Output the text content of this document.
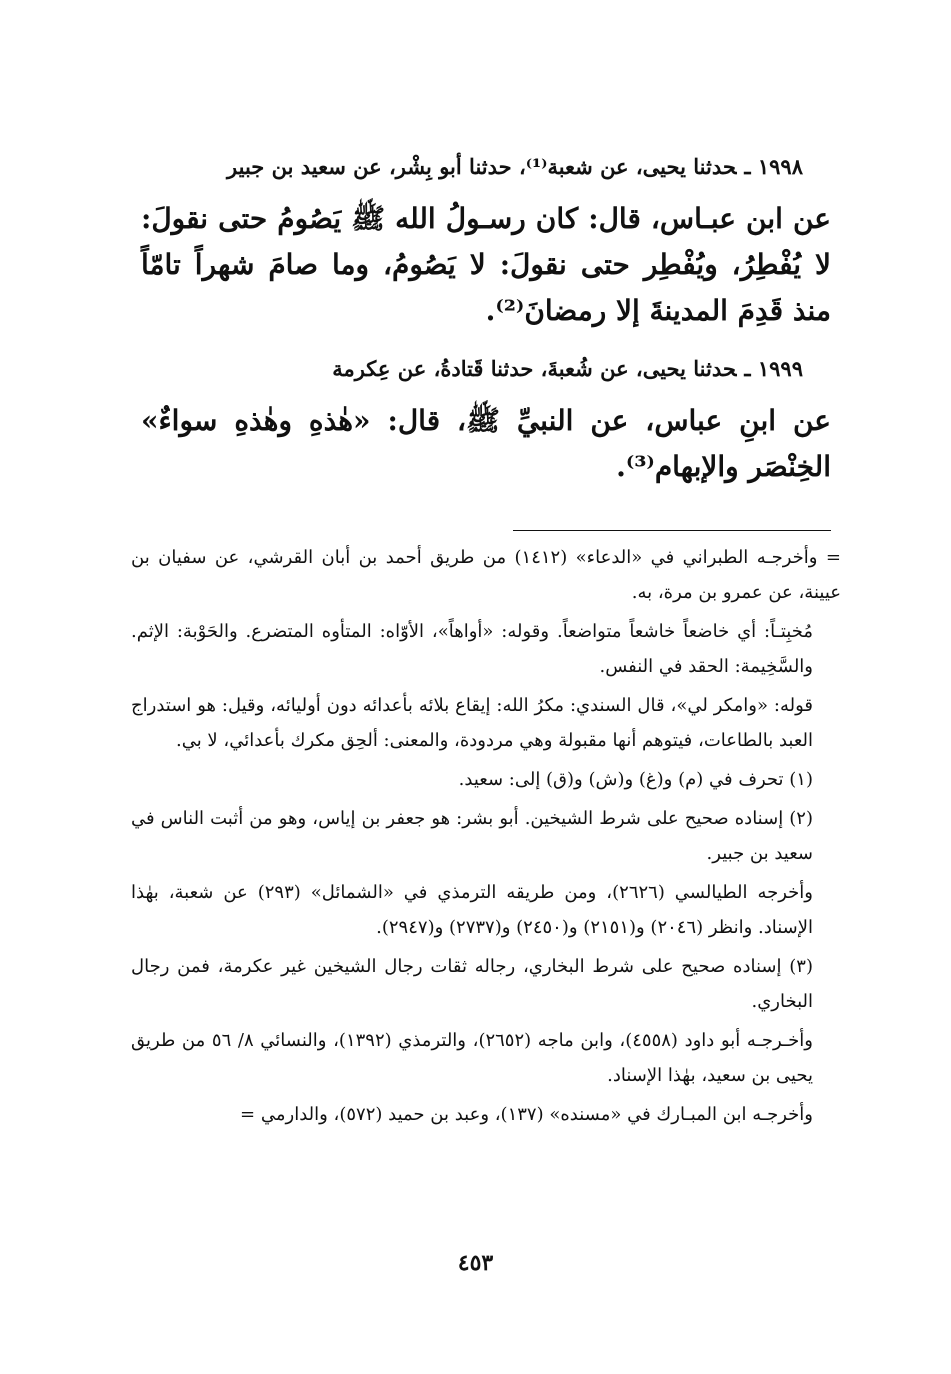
١٩٩٨ ـحدثنا يحيى، عن شعبة⁽¹⁾، حدثنا أبو بِشْر، عن سعيد بن جبير

عن ابن عبـاس، قال: كان رسـولُ الله ﷺ يَصُومُ حتى نقولَ: لا يُفْطِرُ، ويُفْطِر حتى نقولَ: لا يَصُومُ، وما صامَ شهراً تامّاً منذ قَدِمَ المدينةَ إلا رمضانَ⁽²⁾.

١٩٩٩ ـحدثنا يحيى، عن شُعبةَ، حدثنا قَتادةُ، عن عِكرمة

عن ابنِ عباس، عن النبيِّ ﷺ، قال: «هٰذهِ وهٰذهِ سواءٌ» الخِنْصَر والإبهام⁽³⁾.

= وأخرجـه الطبراني في «الدعاء» (١٤١٢) من طريق أحمد بن أبان القرشي، عن سفيان بن عيينة، عن عمرو بن مرة، به.

مُخبِتـاً: أي خاضعاً خاشعاً متواضعاً. وقوله: «أواهاً»، الأوّاه: المتأوه المتضرع. والحَوْبة: الإثم. والسَّخِيمة: الحقد في النفس.

قوله: «وامكر لي»، قال السندي: مكرُ الله: إيقاع بلائه بأعدائه دون أوليائه، وقيل: هو استدراج العبد بالطاعات، فيتوهم أنها مقبولة وهي مردودة، والمعنى: ألحِق مكرك بأعدائي، لا بي.

(١) تحرف في (م) و(غ) و(ش) و(ق) إلى: سعيد.

(٢) إسناده صحيح على شرط الشيخين. أبو بشر: هو جعفر بن إياس، وهو من أثبت الناس في سعيد بن جبير.

وأخرجه الطيالسي (٢٦٢٦)، ومن طريقه الترمذي في «الشمائل» (٢٩٣) عن شعبة، بهٰذا الإسناد. وانظر (٢٠٤٦) و(٢١٥١) و(٢٤٥٠) و(٢٧٣٧) و(٢٩٤٧).

(٣) إسناده صحيح على شرط البخاري، رجاله ثقات رجال الشيخين غير عكرمة، فمن رجال البخاري.

وأخـرجـه أبو داود (٤٥٥٨)، وابن ماجه (٢٦٥٢)، والترمذي (١٣٩٢)، والنسائي ٨/ ٥٦ من طريق يحيى بن سعيد، بهٰذا الإسناد.

وأخرجـه ابن المبـارك في «مسنده» (١٣٧)، وعبد بن حميد (٥٧٢)، والدارمي =

٤٥٣
